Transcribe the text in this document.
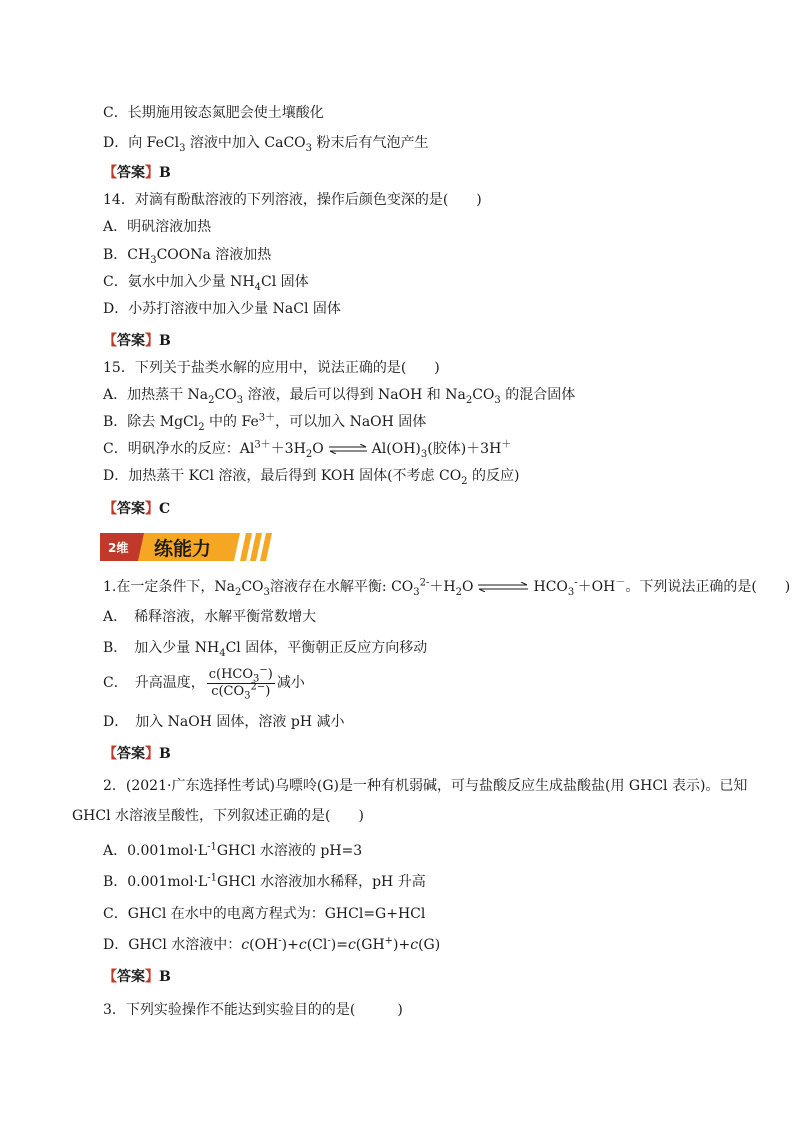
C．长期施用铵态氮肥会使土壤酸化
D．向 FeCl$_3$ 溶液中加入 CaCO$_3$ 粉末后有气泡产生
【答案】B
14．对滴有酚酞溶液的下列溶液，操作后颜色变深的是(　　)
A．明矾溶液加热
B．$CH_3COONa$ 溶液加热
C．氨水中加入少量 $NH_4Cl$ 固体
D．小苏打溶液中加入少量 NaCl 固体
【答案】B
15．下列关于盐类水解的应用中，说法正确的是(　　)
A．加热蒸干 $Na_2CO_3$ 溶液，最后可以得到 NaOH 和 $Na_2CO_3$ 的混合固体
B．除去 MgCl$_2$ 中的 $Fe^{3+}$，可以加入 NaOH 固体
C．明矾净水的反应：$Al^{3+}+3H_2O$ ⇌ $Al(OH)_3$(胶体)＋3H＋
D．加热蒸干 KCl 溶液，最后得到 KOH 固体(不考虑 $CO_2$ 的反应)
【答案】C
2维 练能力
1.在一定条件下，$Na_2CO_3$溶液存在水解平衡: $CO_3^{2-}+H_2O$ ⇌ $HCO_3^-+OH^-$。下列说法正确的是(　　)
A．　稀释溶液，水解平衡常数增大
B．　加入少量 $NH_4Cl$ 固体，平衡朝正反应方向移动
C．　升高温度， $\frac{c(HCO_3^-)}{c(CO_3^{2-})}$ 减小
D．　加入 NaOH 固体，溶液 pH 减小
【答案】B
2．(2021·广东选择性考试)乌嘌呤(G)是一种有机弱碱，可与盐酸反应生成盐酸盐(用 GHCl 表示)。已知
GHCl 水溶液呈酸性，下列叙述正确的是(　　)
A．$0.001mol\cdot L^{-1}GHCl$ 水溶液的 pH=3
B．$0.001mol\cdot L^{-1}GHCl$ 水溶液加水稀释，pH 升高
C．GHCl 在水中的电离方程式为：GHCl=G+HCl
D．GHCl 水溶液中：c(OH-)+c(Cl-)=c(GH+)+c(G)
【答案】B
3．下列实验操作不能达到实验目的的是(　　　)
